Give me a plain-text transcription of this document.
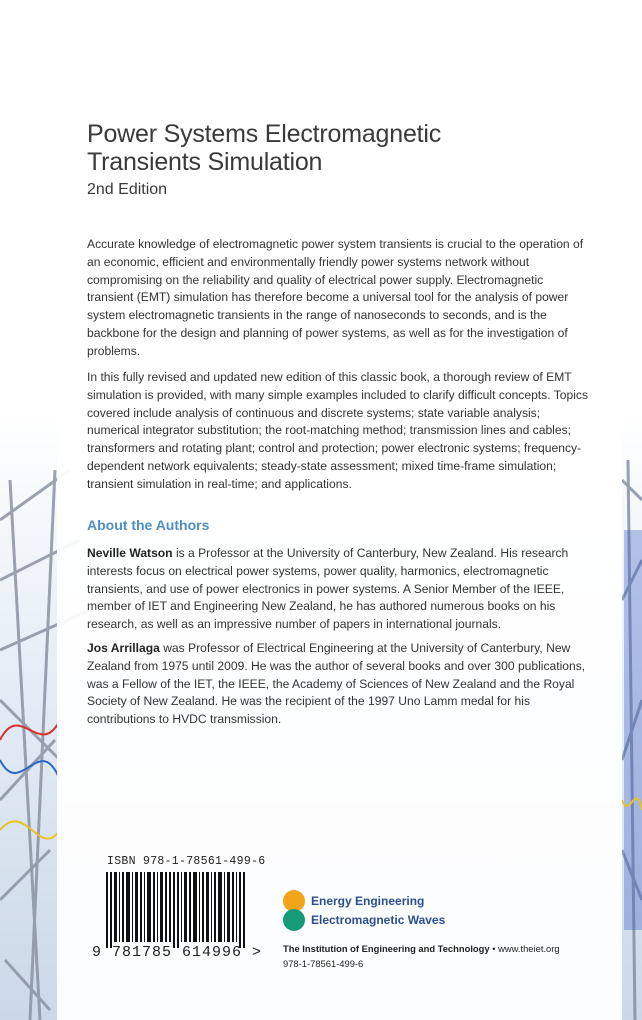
Power Systems Electromagnetic
Transients Simulation
2nd Edition

Accurate knowledge of electromagnetic power system transients is crucial to the operation of an economic, efficient and environmentally friendly power systems network without compromising on the reliability and quality of electrical power supply. Electromagnetic transient (EMT) simulation has therefore become a universal tool for the analysis of power system electromagnetic transients in the range of nanoseconds to seconds, and is the backbone for the design and planning of power systems, as well as for the investigation of problems.

In this fully revised and updated new edition of this classic book, a thorough review of EMT simulation is provided, with many simple examples included to clarify difficult concepts. Topics covered include analysis of continuous and discrete systems; state variable analysis; numerical integrator substitution; the root-matching method; transmission lines and cables; transformers and rotating plant; control and protection; power electronic systems; frequency-dependent network equivalents; steady-state assessment; mixed time-frame simulation; transient simulation in real-time; and applications.

About the Authors

Neville Watson is a Professor at the University of Canterbury, New Zealand. His research interests focus on electrical power systems, power quality, harmonics, electromagnetic transients, and use of power electronics in power systems. A Senior Member of the IEEE, member of IET and Engineering New Zealand, he has authored numerous books on his research, as well as an impressive number of papers in international journals.

Jos Arrillaga was Professor of Electrical Engineering at the University of Canterbury, New Zealand from 1975 until 2009. He was the author of several books and over 300 publications, was a Fellow of the IET, the IEEE, the Academy of Sciences of New Zealand and the Royal Society of New Zealand. He was the recipient of the 1997 Uno Lamm medal for his contributions to HVDC transmission.

ISBN 978-1-78561-499-6
9 781785 614996 >
Energy Engineering
Electromagnetic Waves
The Institution of Engineering and Technology • www.theiet.org
978-1-78561-499-6
